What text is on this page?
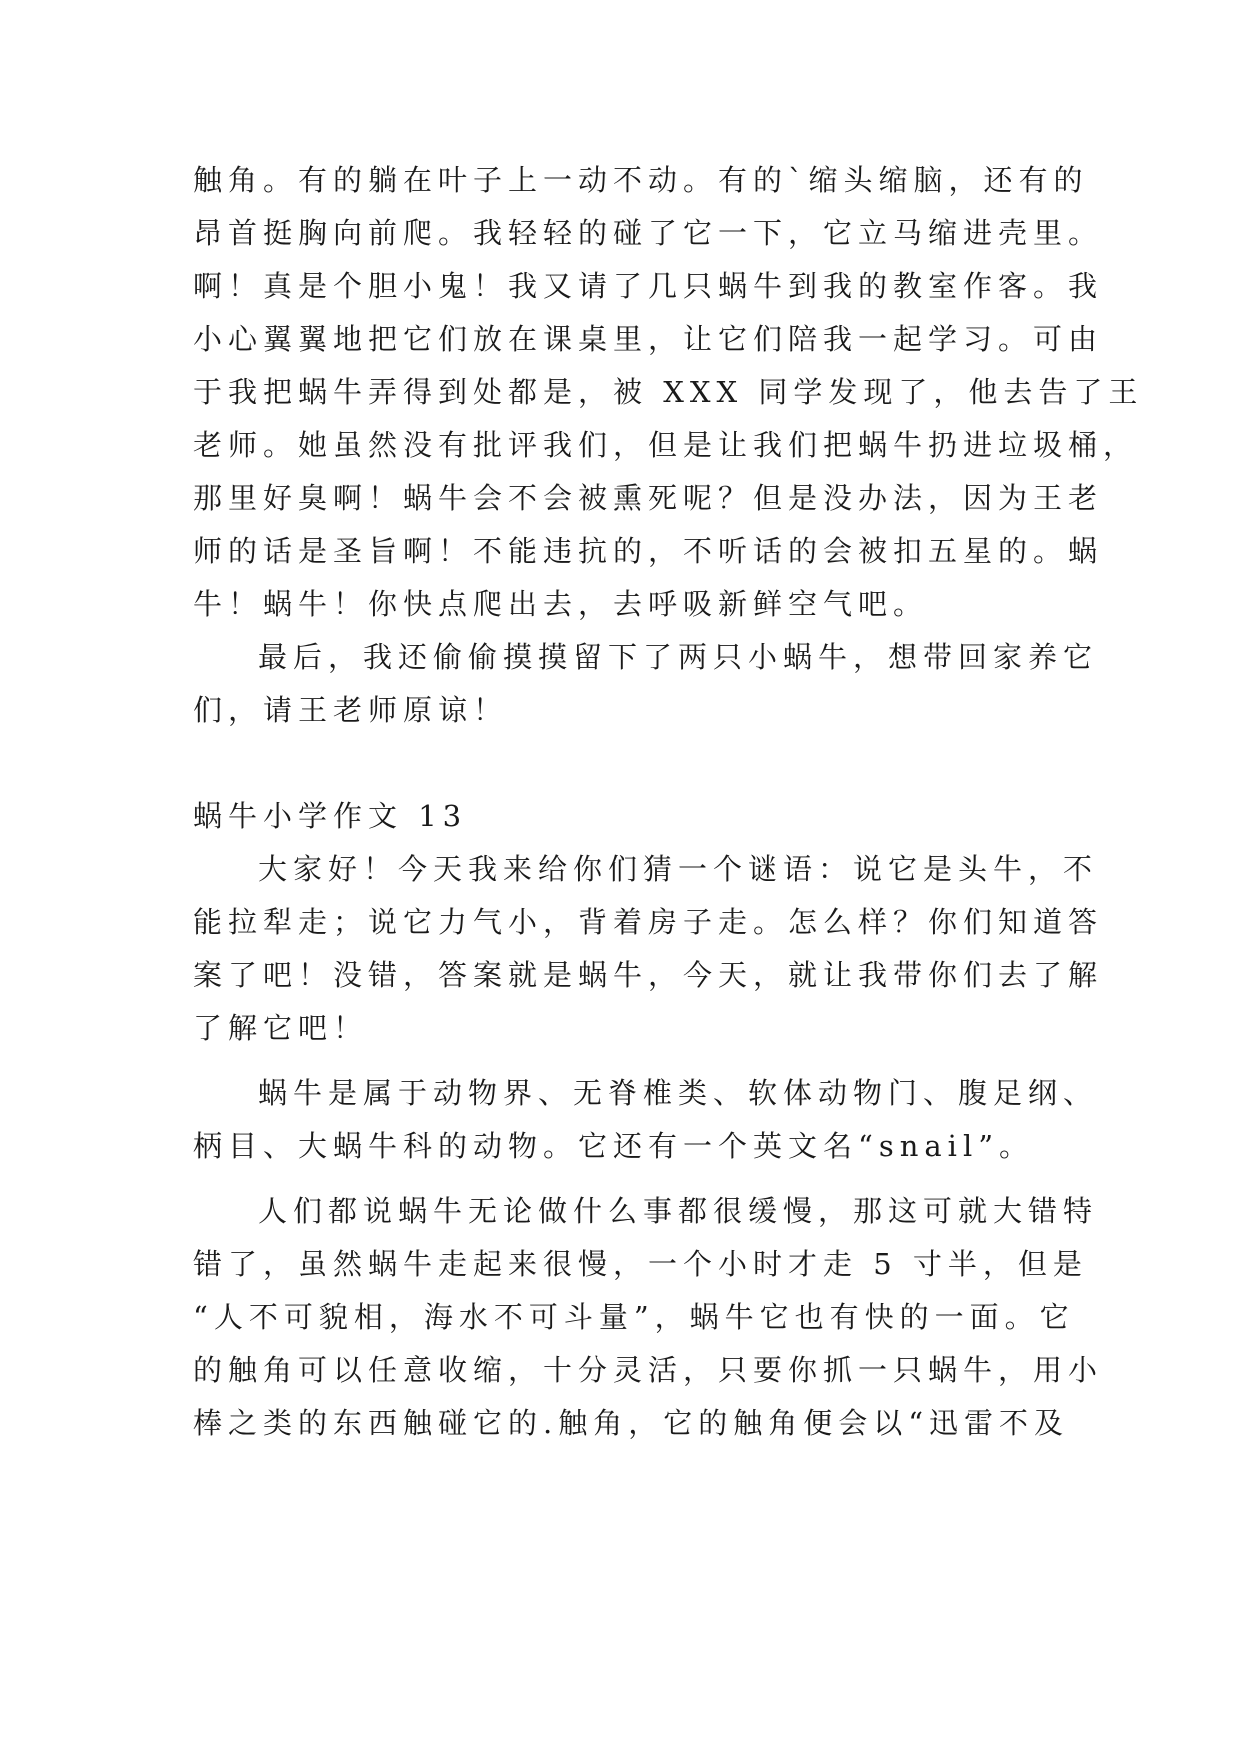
触角。有的躺在叶子上一动不动。有的`缩头缩脑，还有的
昂首挺胸向前爬。我轻轻的碰了它一下，它立马缩进壳里。
啊！真是个胆小鬼！我又请了几只蜗牛到我的教室作客。我
小心翼翼地把它们放在课桌里，让它们陪我一起学习。可由
于我把蜗牛弄得到处都是，被 XXX 同学发现了，他去告了王
老师。她虽然没有批评我们，但是让我们把蜗牛扔进垃圾桶，
那里好臭啊！蜗牛会不会被熏死呢？但是没办法，因为王老
师的话是圣旨啊！不能违抗的，不听话的会被扣五星的。蜗
牛！蜗牛！你快点爬出去，去呼吸新鲜空气吧。
最后，我还偷偷摸摸留下了两只小蜗牛，想带回家养它
们，请王老师原谅！
蜗牛小学作文 13
大家好！今天我来给你们猜一个谜语：说它是头牛，不
能拉犁走；说它力气小，背着房子走。怎么样？你们知道答
案了吧！没错，答案就是蜗牛，今天，就让我带你们去了解
了解它吧！
蜗牛是属于动物界、无脊椎类、软体动物门、腹足纲、
柄目、大蜗牛科的动物。它还有一个英文名“snail”。
人们都说蜗牛无论做什么事都很缓慢，那这可就大错特
错了，虽然蜗牛走起来很慢，一个小时才走 5 寸半，但是
“人不可貌相，海水不可斗量”，蜗牛它也有快的一面。它
的触角可以任意收缩，十分灵活，只要你抓一只蜗牛，用小
棒之类的东西触碰它的.触角，它的触角便会以“迅雷不及
